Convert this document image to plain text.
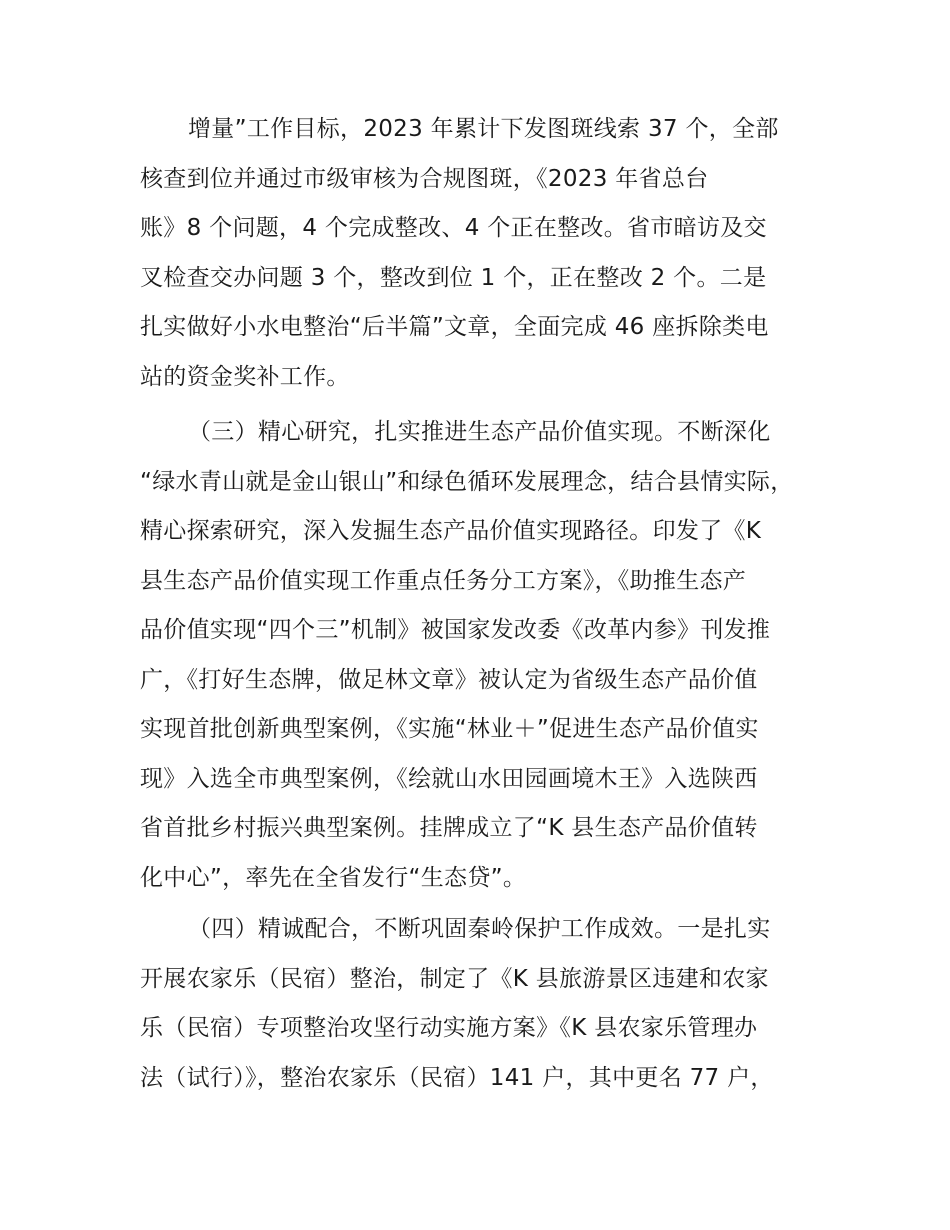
增量”工作目标，2023 年累计下发图斑线索 37 个，全部
核查到位并通过市级审核为合规图斑，《2023 年省总台
账》8 个问题，4 个完成整改、4 个正在整改。省市暗访及交
叉检查交办问题 3 个，整改到位 1 个，正在整改 2 个。二是
扎实做好小水电整治“后半篇”文章，全面完成 46 座拆除类电
站的资金奖补工作。
（三）精心研究，扎实推进生态产品价值实现。不断深化
“绿水青山就是金山银山”和绿色循环发展理念，结合县情实际，
精心探索研究，深入发掘生态产品价值实现路径。印发了《K
县生态产品价值实现工作重点任务分工方案》，《助推生态产
品价值实现“四个三”机制》被国家发改委《改革内参》刊发推
广，《打好生态牌，做足林文章》被认定为省级生态产品价值
实现首批创新典型案例，《实施“林业＋”促进生态产品价值实
现》入选全市典型案例，《绘就山水田园画境木王》入选陕西
省首批乡村振兴典型案例。挂牌成立了“K 县生态产品价值转
化中心”，率先在全省发行“生态贷”。
（四）精诚配合，不断巩固秦岭保护工作成效。一是扎实
开展农家乐（民宿）整治，制定了《K 县旅游景区违建和农家
乐（民宿）专项整治攻坚行动实施方案》《K 县农家乐管理办
法（试行）》，整治农家乐（民宿）141 户，其中更名 77 户，
